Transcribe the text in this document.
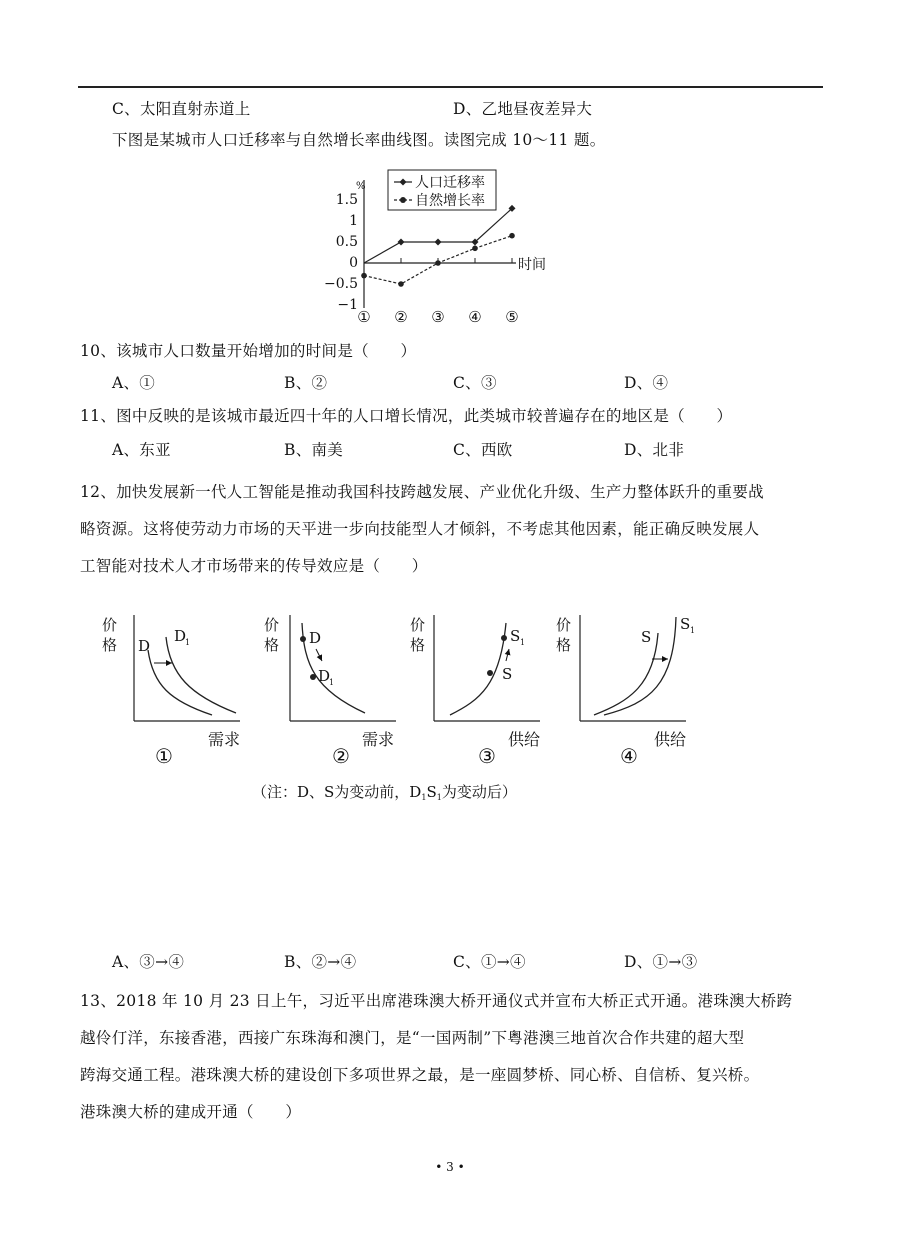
C、太阳直射赤道上	D、乙地昼夜差异大
下图是某城市人口迁移率与自然增长率曲线图。读图完成 10～11 题。
人口迁移率
自然增长率
%
时间
1.5
1
0.5
0
−0.5
−1
① ② ③ ④ ⑤
10、该城市人口数量开始增加的时间是（　　）
A、①	B、②	C、③	D、④
11、图中反映的是该城市最近四十年的人口增长情况，此类城市较普遍存在的地区是（　　）
A、东亚	B、南美	C、西欧	D、北非
12、加快发展新一代人工智能是推动我国科技跨越发展、产业优化升级、生产力整体跃升的重要战
略资源。这将使劳动力市场的天平进一步向技能型人才倾斜，不考虑其他因素，能正确反映发展人
工智能对技术人才市场带来的传导效应是（　　）
价
格 D
D
1
需求
①
价
格 D
D
1
需求
②
价
格
S
S 1
供给
③
价
格	S
S 1
供给
④
（注：D、S为变动前，$D_1S_1$为变动后）
A、③→④	B、②→④	C、①→④	D、①→③
13、2018 年 10 月 23 日上午，习近平出席港珠澳大桥开通仪式并宣布大桥正式开通。港珠澳大桥跨
越伶仃洋，东接香港，西接广东珠海和澳门，是“一国两制”下粤港澳三地首次合作共建的超大型
跨海交通工程。港珠澳大桥的建设创下多项世界之最，是一座圆梦桥、同心桥、自信桥、复兴桥。
港珠澳大桥的建成开通（　　）
• 3 •
